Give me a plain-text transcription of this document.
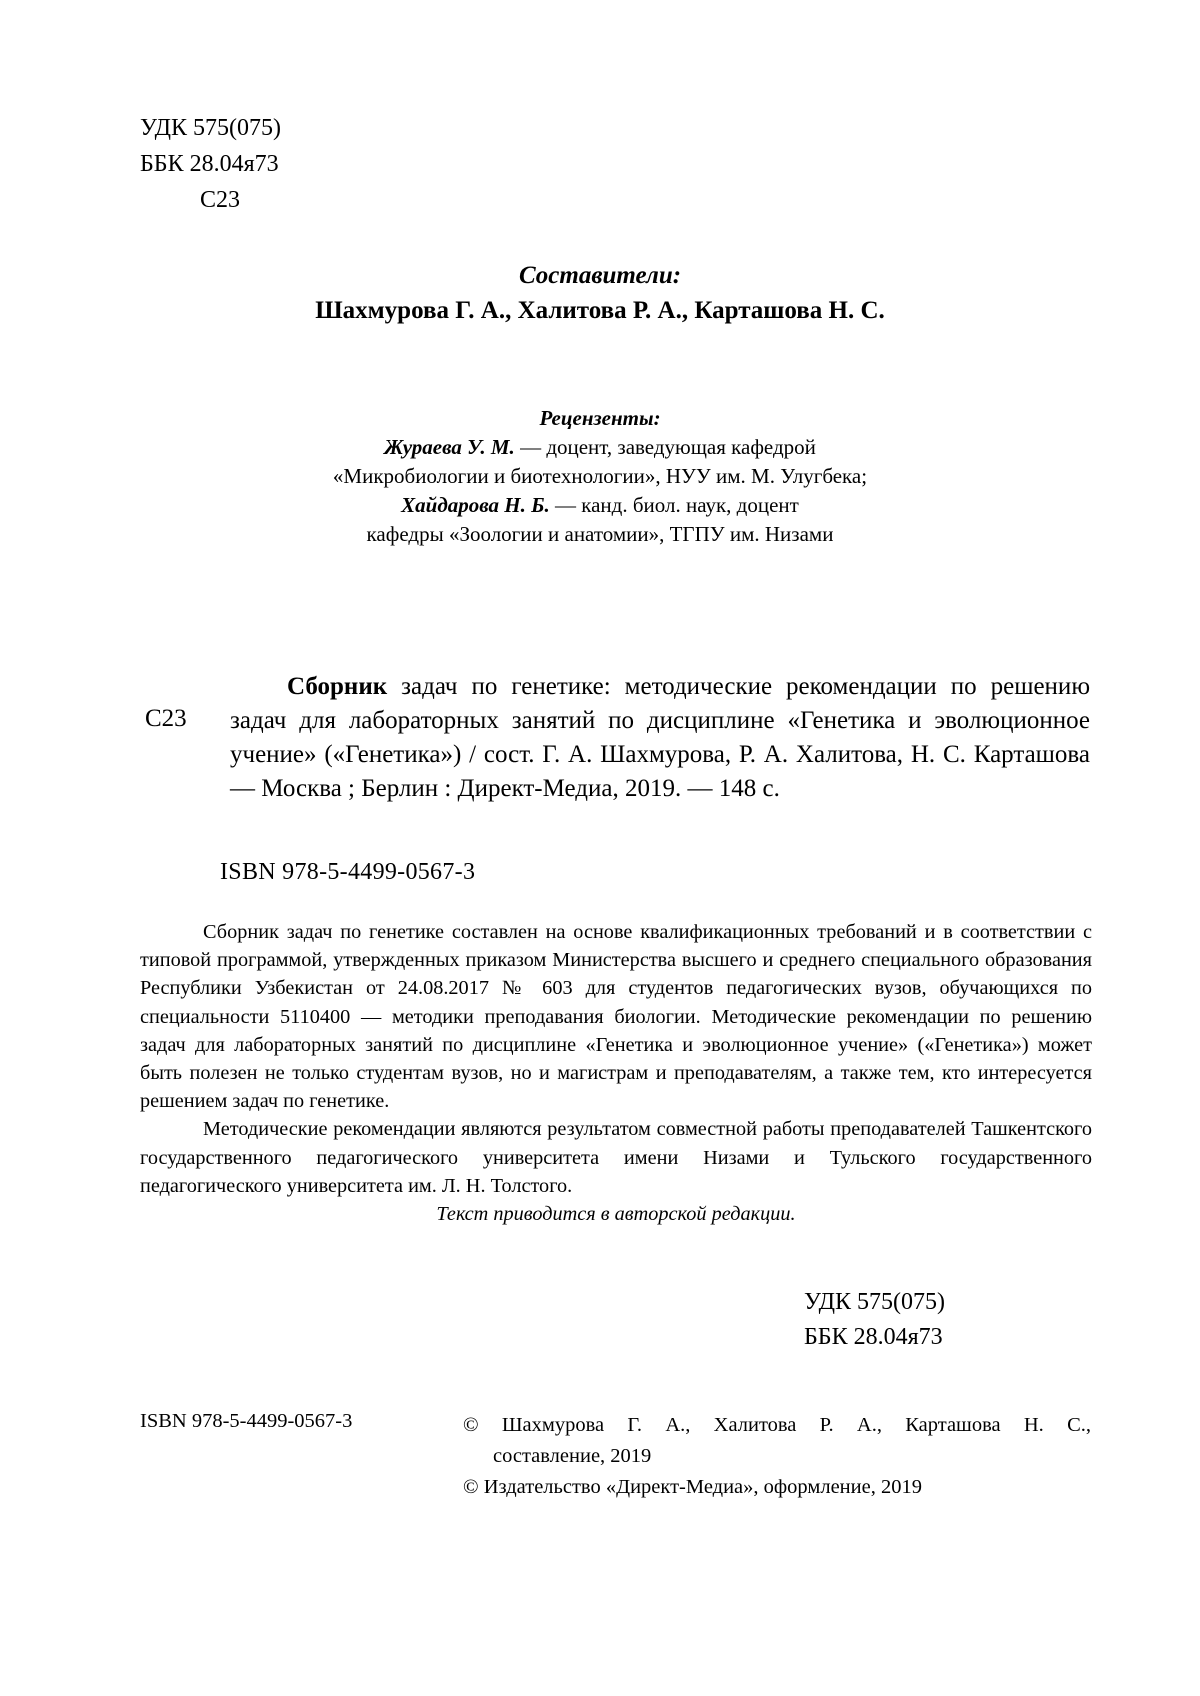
УДК 575(075)
ББК 28.04я73
С23
Составители:
Шахмурова Г. А., Халитова Р. А., Карташова Н. С.
Рецензенты:
Жураева У. М. — доцент, заведующая кафедрой
«Микробиологии и биотехнологии», НУУ им. М. Улугбека;
Хайдарова Н. Б. — канд. биол. наук, доцент
кафедры «Зоологии и анатомии», ТГПУ им. Низами
С23
Сборник задач по генетике: методические рекомендации по решению задач для лабораторных занятий по дисциплине «Генетика и эволюционное учение» («Генетика») / сост. Г. А. Шахмурова, Р. А. Халитова, Н. С. Карташова — Москва ; Берлин : Директ-Медиа, 2019. — 148 с.
ISBN 978-5-4499-0567-3

Сборник задач по генетике составлен на основе квалификационных требований и в соответствии с типовой программой, утвержденных приказом Министерства высшего и среднего специального образования Республики Узбекистан от 24.08.2017 № 603 для студентов педагогических вузов, обучающихся по специальности 5110400 — методики преподавания биологии. Методические рекомендации по решению задач для лабораторных занятий по дисциплине «Генетика и эволюционное учение» («Генетика») может быть полезен не только студентам вузов, но и магистрам и преподавателям, а также тем, кто интересуется решением задач по генетике.

Методические рекомендации являются результатом совместной работы преподавателей Ташкентского государственного педагогического университета имени Низами и Тульского государственного педагогического университета им. Л. Н. Толстого.

Текст приводится в авторской редакции.

УДК 575(075)
ББК 28.04я73
ISBN 978-5-4499-0567-3	© Шахмурова Г. А., Халитова Р. А., Карташова Н. С.,
составление, 2019
© Издательство «Директ-Медиа», оформление, 2019
